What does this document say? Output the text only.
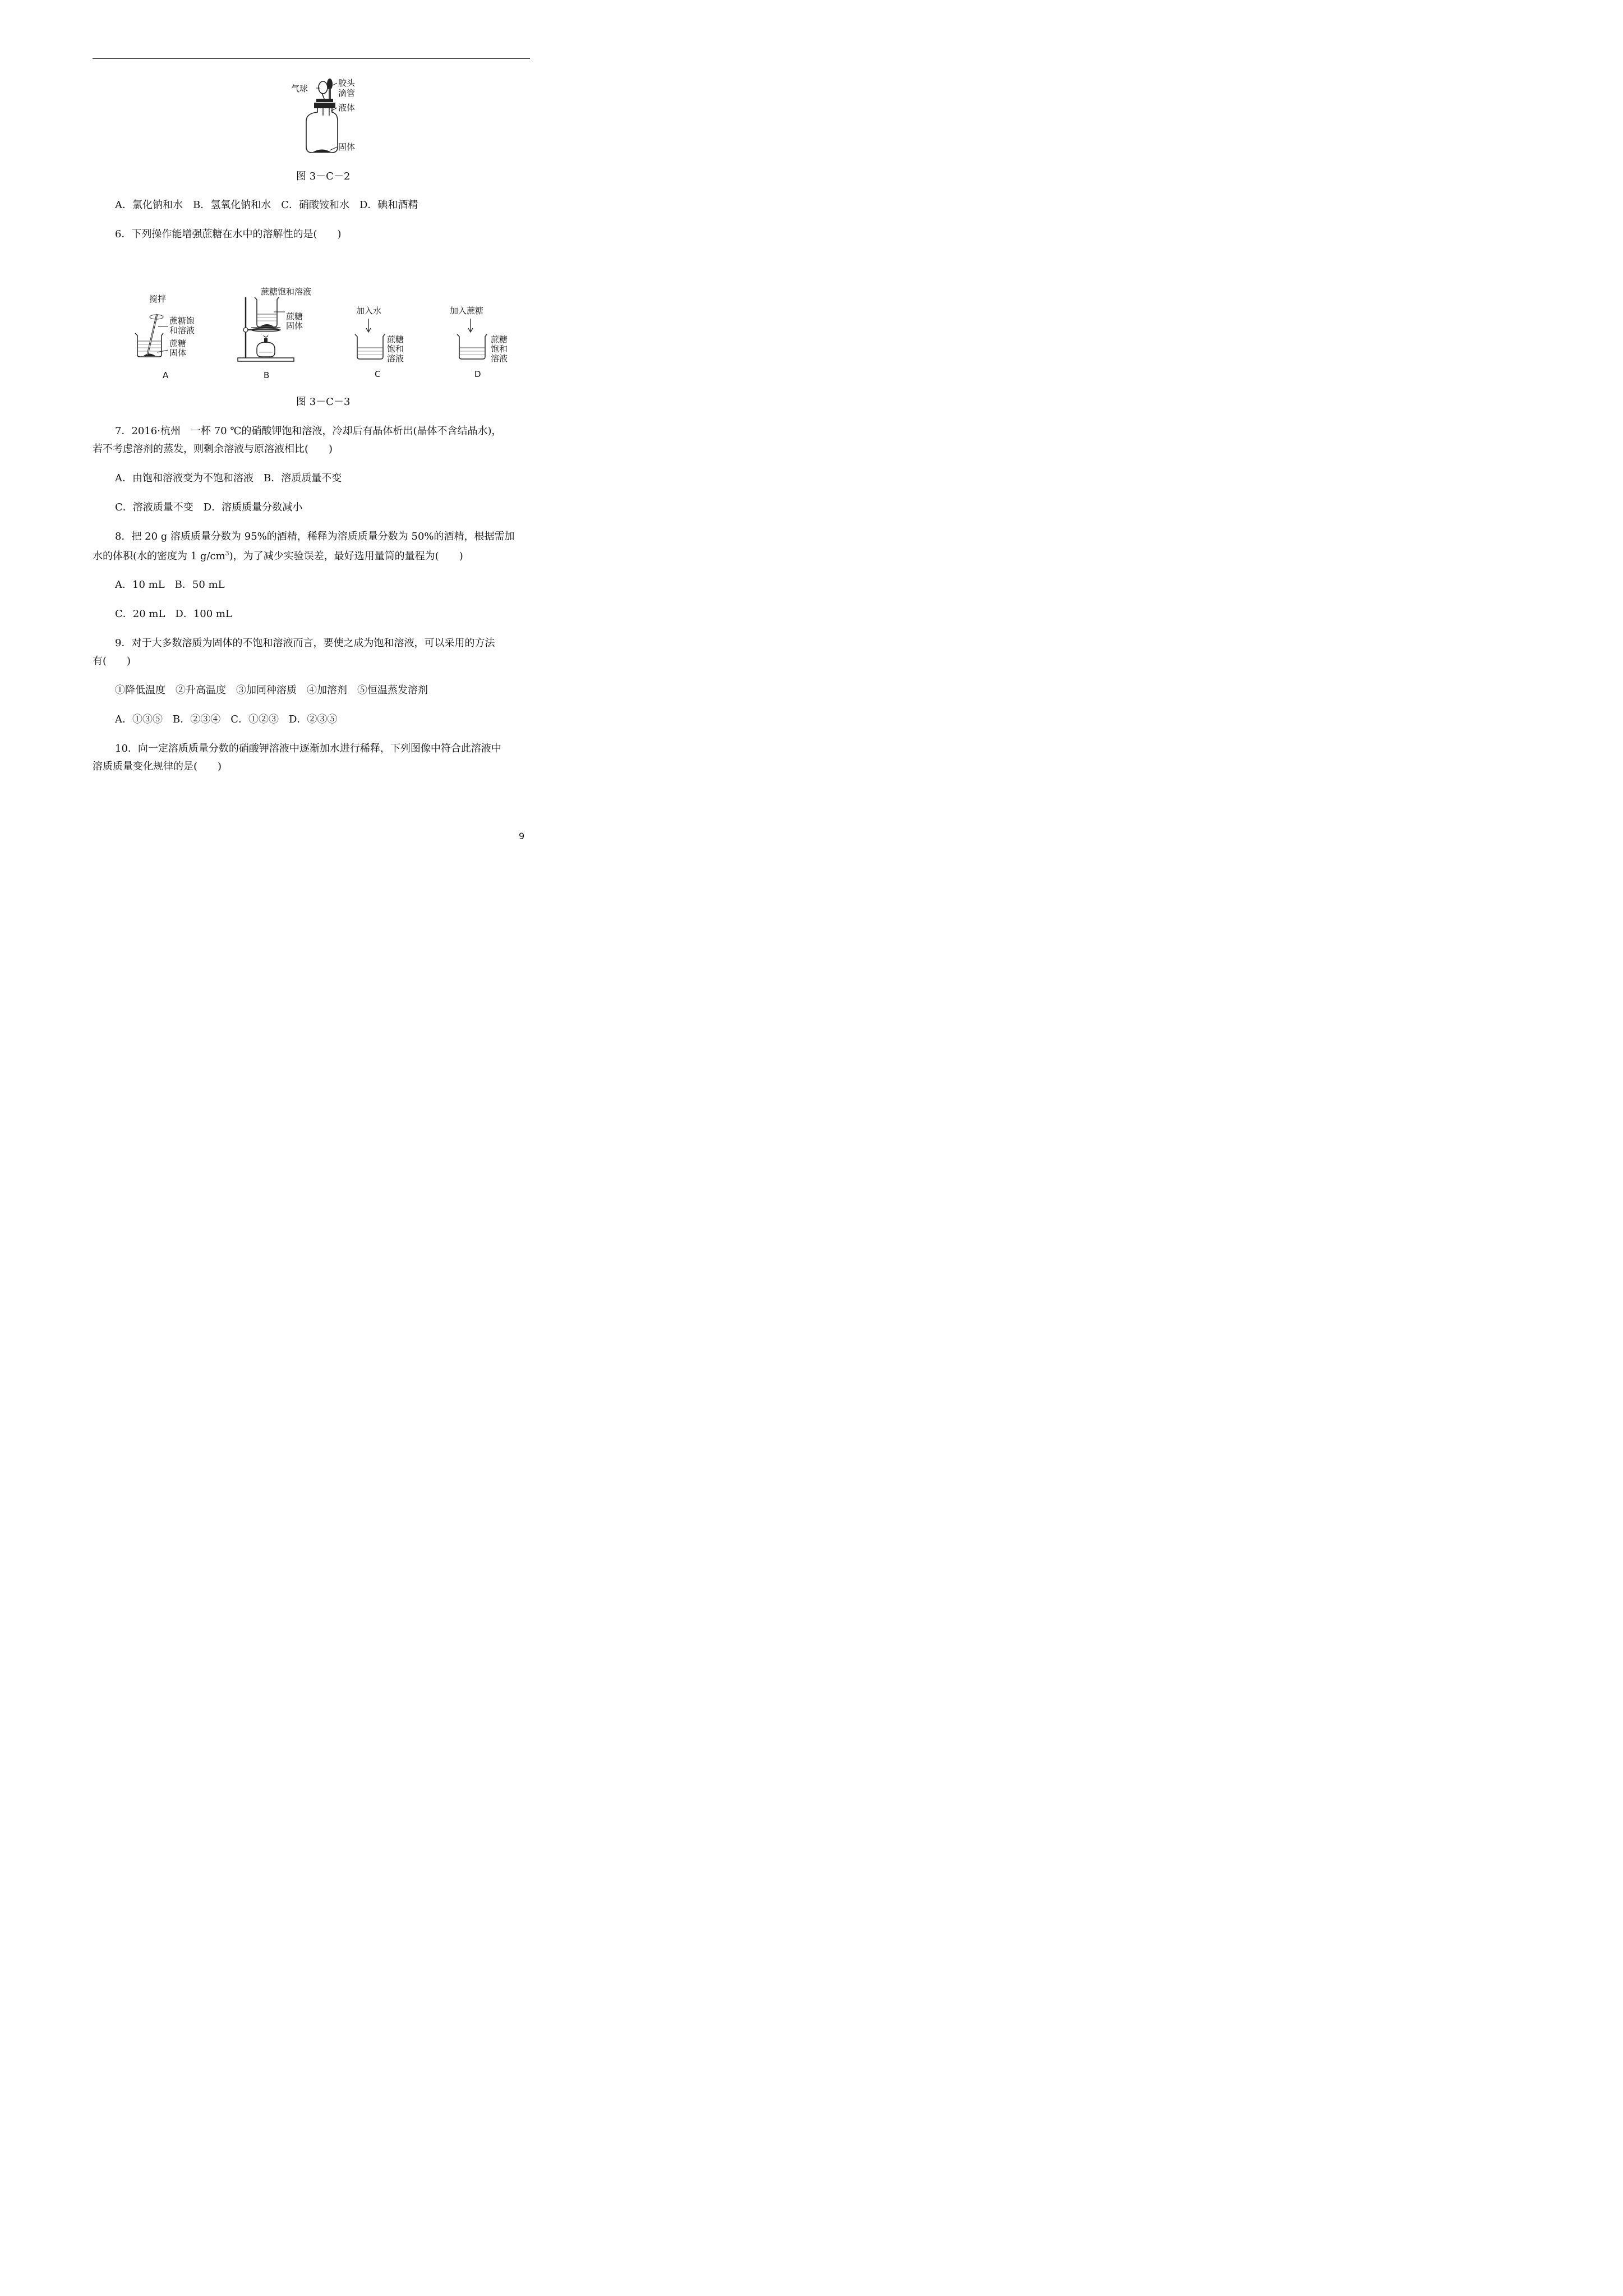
气球
胶头
滴管
液体
固体
图 3－C－2
A．氯化钠和水　B．氢氧化钠和水　C．硝酸铵和水　D．碘和酒精
6．下列操作能增强蔗糖在水中的溶解性的是(　　)
搅拌
蔗糖饱
和溶液
蔗糖
固体
A
蔗糖饱和溶液
蔗糖
固体
B
加入水
蔗糖
饱和
溶液
C
加入蔗糖
蔗糖
饱和
溶液
D
图 3－C－3
7．2016·杭州　一杯 70 ℃的硝酸钾饱和溶液，冷却后有晶体析出(晶体不含结晶水)，
若不考虑溶剂的蒸发，则剩余溶液与原溶液相比(　　)
A．由饱和溶液变为不饱和溶液　B．溶质质量不变
C．溶液质量不变　D．溶质质量分数减小
8．把 20 g 溶质质量分数为 95%的酒精，稀释为溶质质量分数为 50%的酒精，根据需加
水的体积(水的密度为 1 $g/cm^3$)，为了减少实验误差，最好选用量筒的量程为(　　)
A．10 mL　B．50 mL
C．20 mL　D．100 mL
9．对于大多数溶质为固体的不饱和溶液而言，要使之成为饱和溶液，可以采用的方法
有(　　)
①降低温度　②升高温度　③加同种溶质　④加溶剂　⑤恒温蒸发溶剂
A．①③⑤　B．②③④　C．①②③　D．②③⑤
10．向一定溶质质量分数的硝酸钾溶液中逐渐加水进行稀释，下列图像中符合此溶液中
溶质质量变化规律的是(　　)
9
